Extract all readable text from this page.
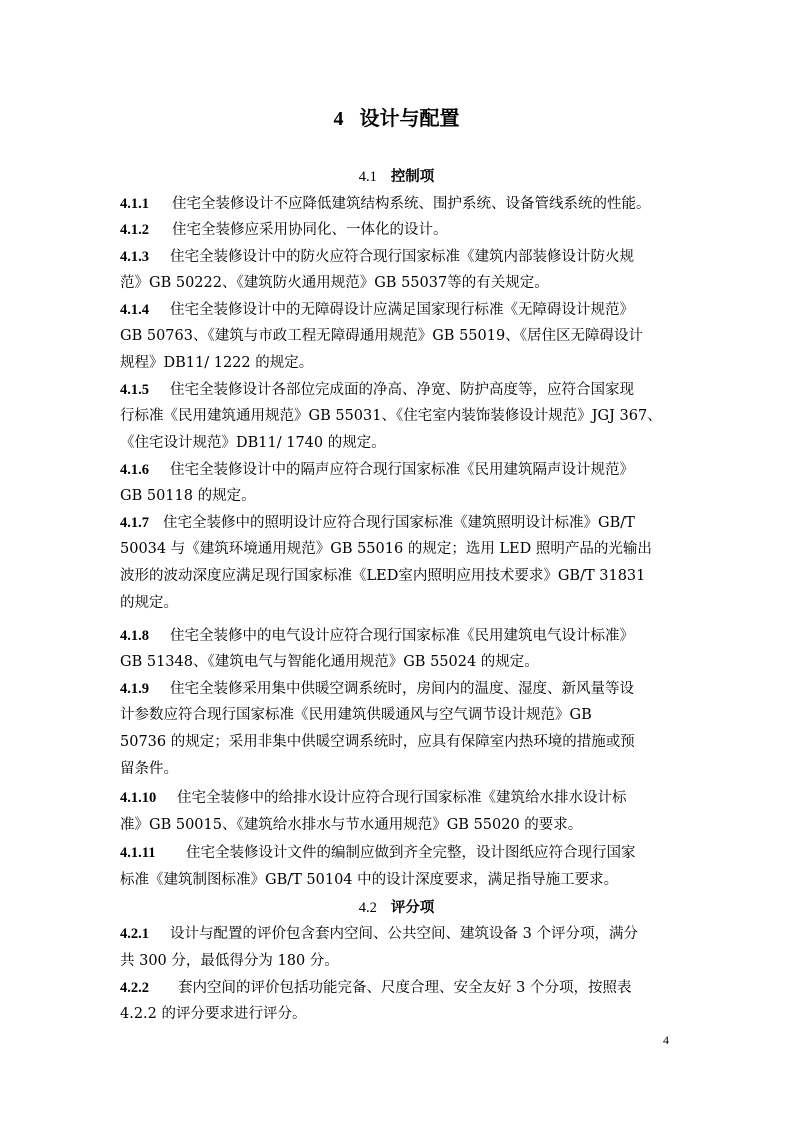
4 设计与配置
4.1 控制项
4.1.1 住宅全装修设计不应降低建筑结构系统、围护系统、设备管线系统的性能。
4.1.2 住宅全装修应采用协同化、一体化的设计。
4.1.3 住宅全装修设计中的防火应符合现行国家标准《建筑内部装修设计防火规
范》GB 50222、《建筑防火通用规范》GB 55037等的有关规定。
4.1.4 住宅全装修设计中的无障碍设计应满足国家现行标准《无障碍设计规范》
GB 50763、《建筑与市政工程无障碍通用规范》GB 55019、《居住区无障碍设计
规程》DB11/ 1222 的规定。
4.1.5 住宅全装修设计各部位完成面的净高、净宽、防护高度等，应符合国家现
行标准《民用建筑通用规范》GB 55031、《住宅室内装饰装修设计规范》JGJ 367、
《住宅设计规范》DB11/ 1740 的规定。
4.1.6 住宅全装修设计中的隔声应符合现行国家标准《民用建筑隔声设计规范》
GB 50118 的规定。
4.1.7 住宅全装修中的照明设计应符合现行国家标准《建筑照明设计标准》GB/T
50034 与《建筑环境通用规范》GB 55016 的规定；选用 LED 照明产品的光输出
波形的波动深度应满足现行国家标准《LED室内照明应用技术要求》GB/T 31831
的规定。
4.1.8 住宅全装修中的电气设计应符合现行国家标准《民用建筑电气设计标准》
GB 51348、《建筑电气与智能化通用规范》GB 55024 的规定。
4.1.9 住宅全装修采用集中供暖空调系统时，房间内的温度、湿度、新风量等设
计参数应符合现行国家标准《民用建筑供暖通风与空气调节设计规范》GB
50736 的规定；采用非集中供暖空调系统时，应具有保障室内热环境的措施或预
留条件。
4.1.10 住宅全装修中的给排水设计应符合现行国家标准《建筑给水排水设计标
准》GB 50015、《建筑给水排水与节水通用规范》GB 55020 的要求。
4.1.11 住宅全装修设计文件的编制应做到齐全完整，设计图纸应符合现行国家
标准《建筑制图标准》GB/T 50104 中的设计深度要求，满足指导施工要求。
4.2 评分项
4.2.1 设计与配置的评价包含套内空间、公共空间、建筑设备 3 个评分项，满分
共 300 分，最低得分为 180 分。
4.2.2 套内空间的评价包括功能完备、尺度合理、安全友好 3 个分项，按照表
4.2.2 的评分要求进行评分。
4
